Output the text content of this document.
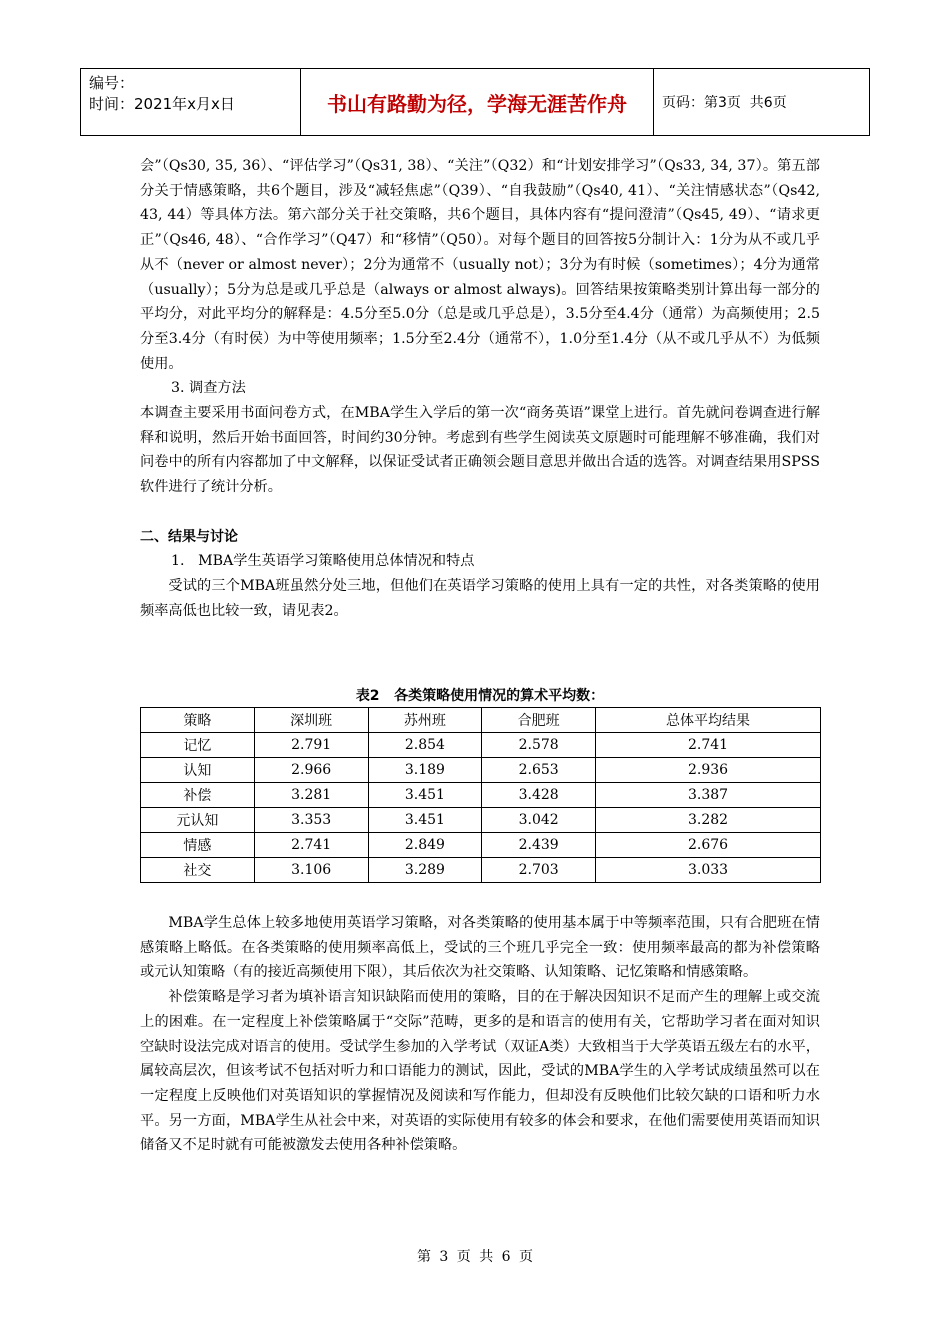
编号：
时间：2021年x月x日	书山有路勤为径，学海无涯苦作舟	页码：第3页  共6页

会”（Qs30, 35, 36）、“评估学习”（Qs31, 38）、“关注”（Q32）和“计划安排学习”（Qs33, 34, 37）。第五部分关于情感策略，共6个题目，涉及“减轻焦虑”（Q39）、“自我鼓励”（Qs40, 41）、“关注情感状态”（Qs42, 43, 44）等具体方法。第六部分关于社交策略，共6个题目，具体内容有“提问澄清”（Qs45, 49）、“请求更正”（Qs46, 48）、“合作学习”（Q47）和“移情”（Q50）。对每个题目的回答按5分制计入：1分为从不或几乎从不（never or almost never）；2分为通常不（usually not）；3分为有时候（sometimes）；4分为通常（usually）；5分为总是或几乎总是（always or almost always)。回答结果按策略类别计算出每一部分的平均分，对此平均分的解释是：4.5分至5.0分（总是或几乎总是），3.5分至4.4分（通常）为高频使用；2.5分至3.4分（有时侯）为中等使用频率；1.5分至2.4分（通常不），1.0分至1.4分（从不或几乎从不）为低频使用。

3. 调查方法

本调查主要采用书面问卷方式，在MBA学生入学后的第一次“商务英语”课堂上进行。首先就问卷调查进行解释和说明，然后开始书面回答，时间约30分钟。考虑到有些学生阅读英文原题时可能理解不够准确，我们对问卷中的所有内容都加了中文解释，以保证受试者正确领会题目意思并做出合适的选答。对调查结果用SPSS软件进行了统计分析。

二、结果与讨论

1.   MBA学生英语学习策略使用总体情况和特点

受试的三个MBA班虽然分处三地，但他们在英语学习策略的使用上具有一定的共性，对各类策略的使用频率高低也比较一致，请见表2。

表2   各类策略使用情况的算术平均数：
策略	深圳班	苏州班	合肥班	总体平均结果
记忆	2.791	2.854	2.578	2.741
认知	2.966	3.189	2.653	2.936
补偿	3.281	3.451	3.428	3.387
元认知	3.353	3.451	3.042	3.282
情感	2.741	2.849	2.439	2.676
社交	3.106	3.289	2.703	3.033

MBA学生总体上较多地使用英语学习策略，对各类策略的使用基本属于中等频率范围，只有合肥班在情感策略上略低。在各类策略的使用频率高低上，受试的三个班几乎完全一致：使用频率最高的都为补偿策略或元认知策略（有的接近高频使用下限），其后依次为社交策略、认知策略、记忆策略和情感策略。

补偿策略是学习者为填补语言知识缺陷而使用的策略，目的在于解决因知识不足而产生的理解上或交流上的困难。在一定程度上补偿策略属于“交际”范畴，更多的是和语言的使用有关，它帮助学习者在面对知识空缺时设法完成对语言的使用。受试学生参加的入学考试（双证A类）大致相当于大学英语五级左右的水平，属较高层次，但该考试不包括对听力和口语能力的测试，因此，受试的MBA学生的入学考试成绩虽然可以在一定程度上反映他们对英语知识的掌握情况及阅读和写作能力，但却没有反映他们比较欠缺的口语和听力水平。另一方面，MBA学生从社会中来，对英语的实际使用有较多的体会和要求，在他们需要使用英语而知识储备又不足时就有可能被激发去使用各种补偿策略。

第 3 页 共 6 页
